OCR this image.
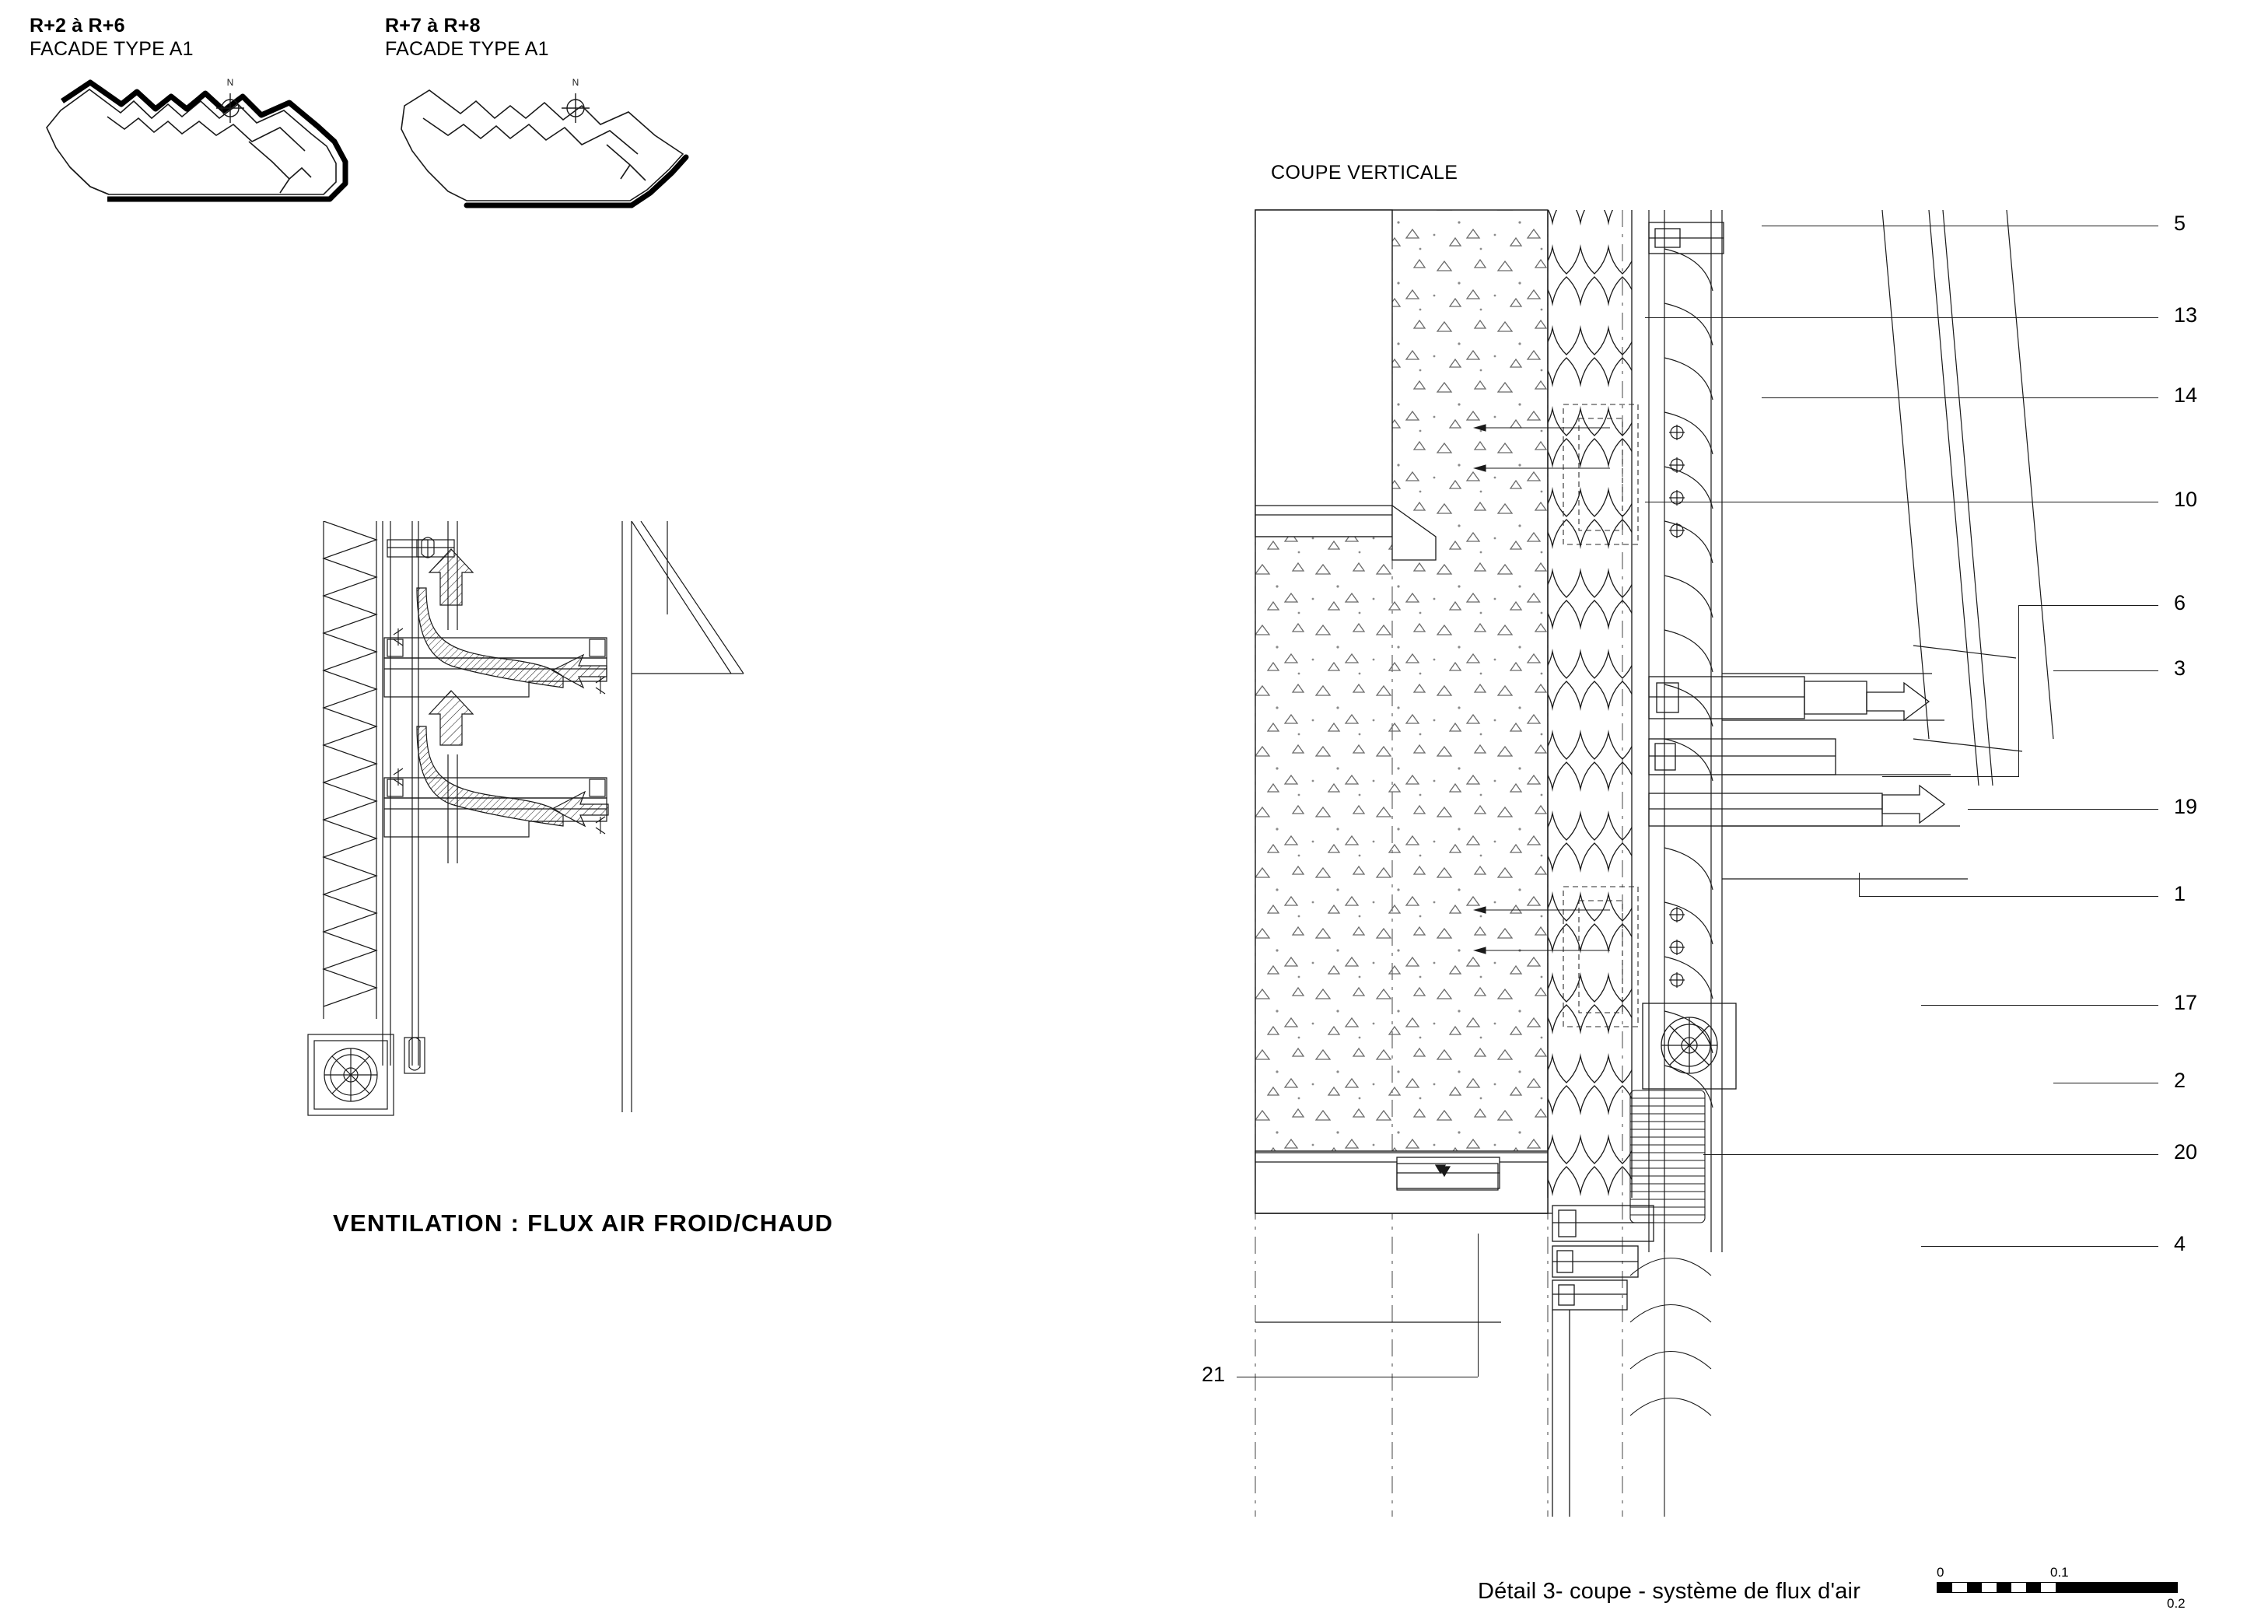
R+2 à R+6
FACADE TYPE A1
N
R+7 à R+8
FACADE TYPE A1
N
VENTILATION : FLUX AIR FROID/CHAUD
COUPE VERTICALE
5
13
14
10
6
3
19
1
17
2
20
4
21
Détail 3- coupe - système de flux d'air
0	0.1
0.2
